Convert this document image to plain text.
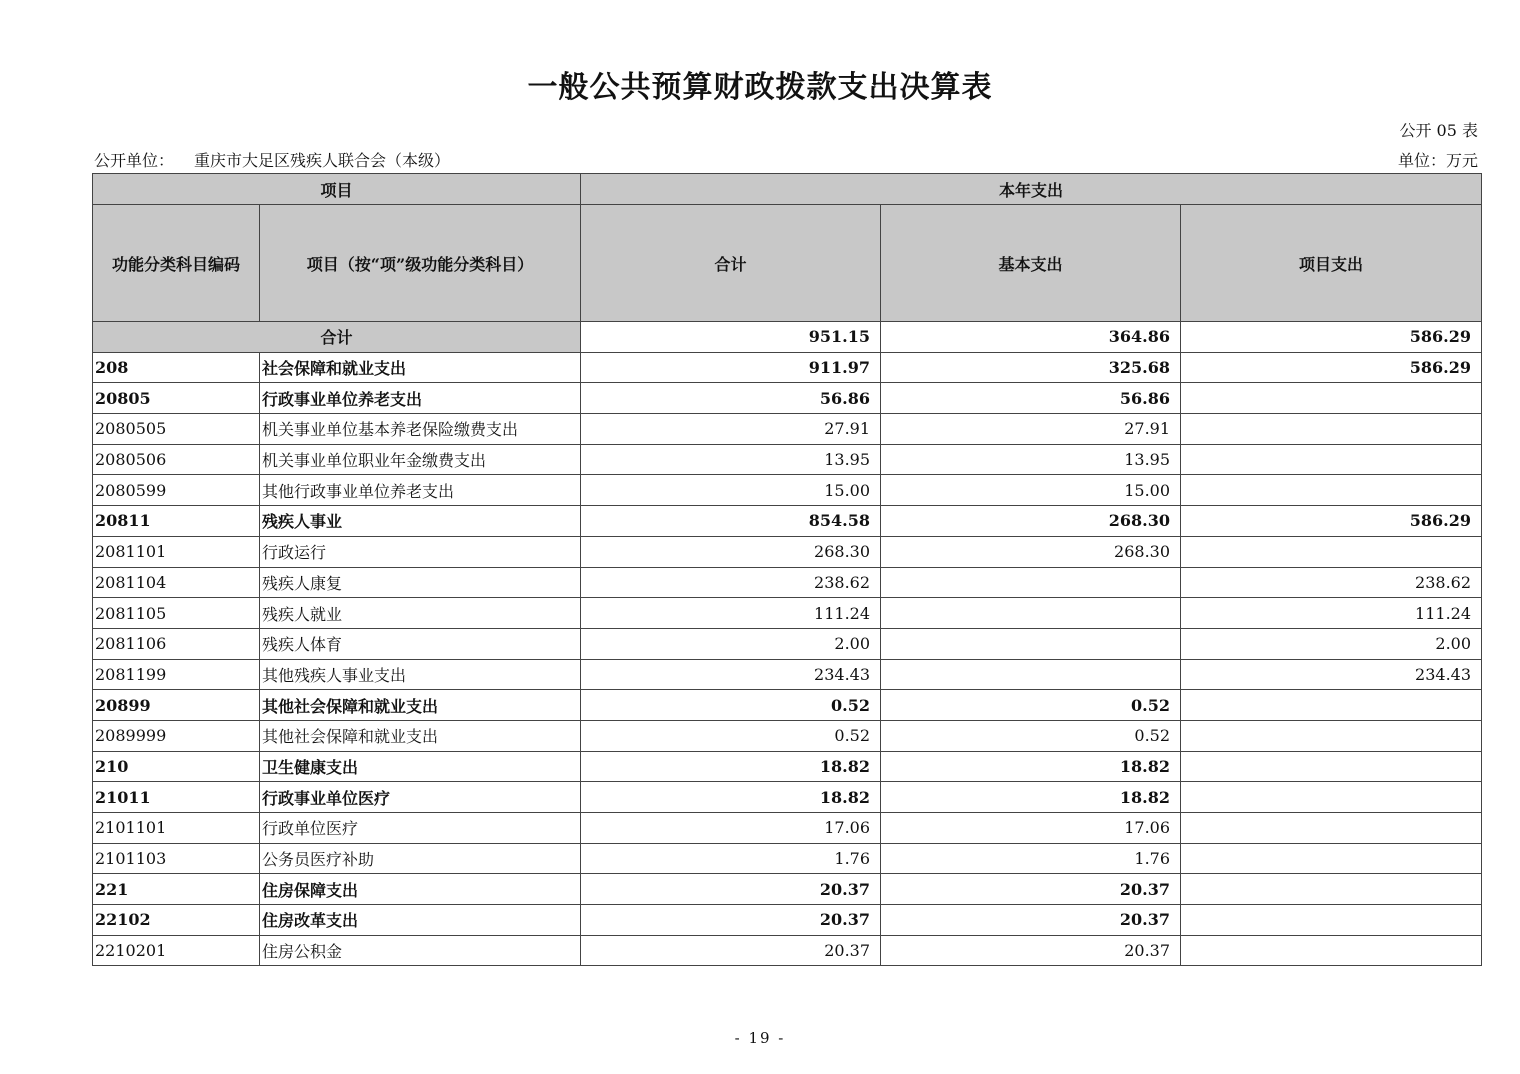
一般公共预算财政拨款支出决算表
公开 05 表
公开单位： 重庆市大足区残疾人联合会（本级）	单位：万元
项目		本年支出		
功能分类科目编码	项目（按“项”级功能分类科目）	合计	基本支出	项目支出
合计		951.15	364.86	586.29
208	社会保障和就业支出	911.97	325.68	586.29
20805	行政事业单位养老支出	56.86	56.86	
2080505	机关事业单位基本养老保险缴费支出	27.91	27.91	
2080506	机关事业单位职业年金缴费支出	13.95	13.95	
2080599	其他行政事业单位养老支出	15.00	15.00	
20811	残疾人事业	854.58	268.30	586.29
2081101	行政运行	268.30	268.30	
2081104	残疾人康复	238.62		238.62
2081105	残疾人就业	111.24		111.24
2081106	残疾人体育	2.00		2.00
2081199	其他残疾人事业支出	234.43		234.43
20899	其他社会保障和就业支出	0.52	0.52	
2089999	其他社会保障和就业支出	0.52	0.52	
210	卫生健康支出	18.82	18.82	
21011	行政事业单位医疗	18.82	18.82	
2101101	行政单位医疗	17.06	17.06	
2101103	公务员医疗补助	1.76	1.76	
221	住房保障支出	20.37	20.37	
22102	住房改革支出	20.37	20.37	
2210201	住房公积金	20.37	20.37	
- 19 -
